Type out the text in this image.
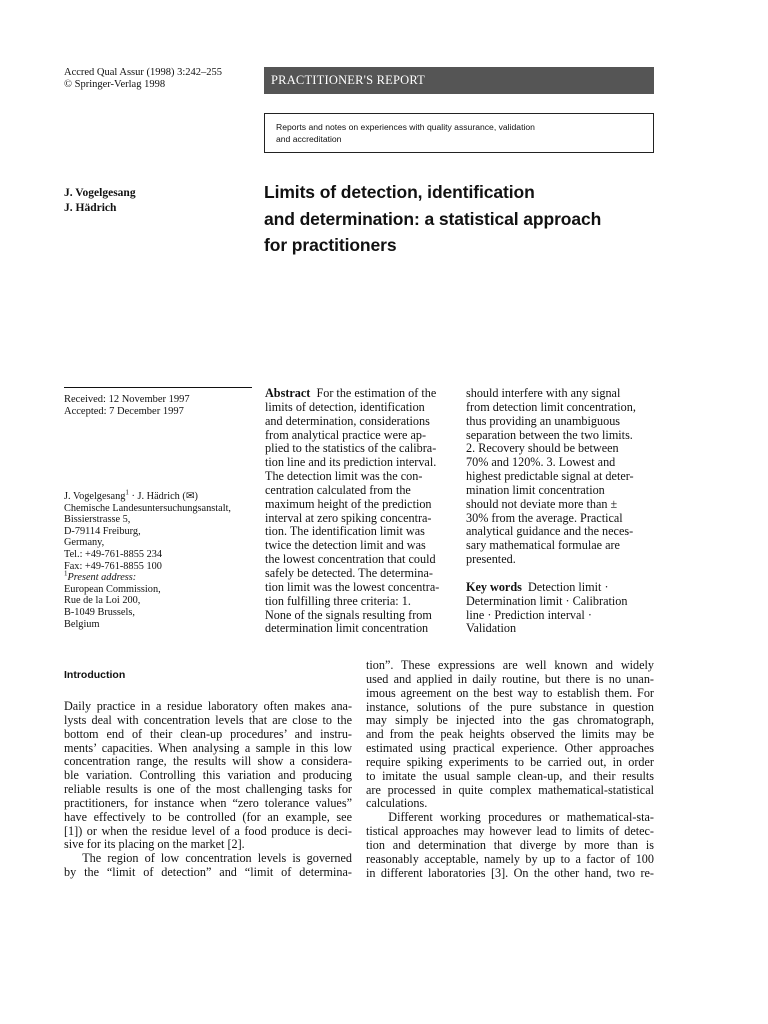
Accred Qual Assur (1998) 3:242–255
© Springer-Verlag 1998	PRACTITIONER'S REPORT
Reports and notes on experiences with quality assurance, validation
and accreditation
J. Vogelgesang
J. Hädrich
Limits of detection, identification
and determination: a statistical approach
for practitioners
Received: 12 November 1997
Accepted: 7 December 1997
J. Vogelgesang$^1$ · J. Hädrich (✉)
Chemische Landesuntersuchungsanstalt,
Bissierstrasse 5,
D-79114 Freiburg,
Germany,
Tel.: +49-761-8855 234
Fax: +49-761-8855 100
$^1$Present address:
European Commission,
Rue de la Loi 200,
B-1049 Brussels,
Belgium
Abstract For the estimation of the
limits of detection, identification
and determination, considerations
from analytical practice were ap-
plied to the statistics of the calibra-
tion line and its prediction interval.
The detection limit was the con-
centration calculated from the
maximum height of the prediction
interval at zero spiking concentra-
tion. The identification limit was
twice the detection limit and was
the lowest concentration that could
safely be detected. The determina-
tion limit was the lowest concentra-
tion fulfilling three criteria: 1.
None of the signals resulting from
determination limit concentration
should interfere with any signal
from detection limit concentration,
thus providing an unambiguous
separation between the two limits.
2. Recovery should be between
70% and 120%. 3. Lowest and
highest predictable signal at deter-
mination limit concentration
should not deviate more than ±
30% from the average. Practical
analytical guidance and the neces-
sary mathematical formulae are
presented.
Key words Detection limit ·
Determination limit · Calibration
line · Prediction interval ·
Validation
Introduction
Daily practice in a residue laboratory often makes ana-
lysts deal with concentration levels that are close to the
bottom end of their clean-up procedures’ and instru-
ments’ capacities. When analysing a sample in this low
concentration range, the results will show a considera-
ble variation. Controlling this variation and producing
reliable results is one of the most challenging tasks for
practitioners, for instance when “zero tolerance values”
have effectively to be controlled (for an example, see
[1]) or when the residue level of a food produce is deci-
sive for its placing on the market [2].
The region of low concentration levels is governed
by the “limit of detection” and “limit of determina-
tion”. These expressions are well known and widely
used and applied in daily routine, but there is no unan-
imous agreement on the best way to establish them. For
instance, solutions of the pure substance in question
may simply be injected into the gas chromatograph,
and from the peak heights observed the limits may be
estimated using practical experience. Other approaches
require spiking experiments to be carried out, in order
to imitate the usual sample clean-up, and their results
are processed in quite complex mathematical-statistical
calculations.
Different working procedures or mathematical-sta-
tistical approaches may however lead to limits of detec-
tion and determination that diverge by more than is
reasonably acceptable, namely by up to a factor of 100
in different laboratories [3]. On the other hand, two re-
